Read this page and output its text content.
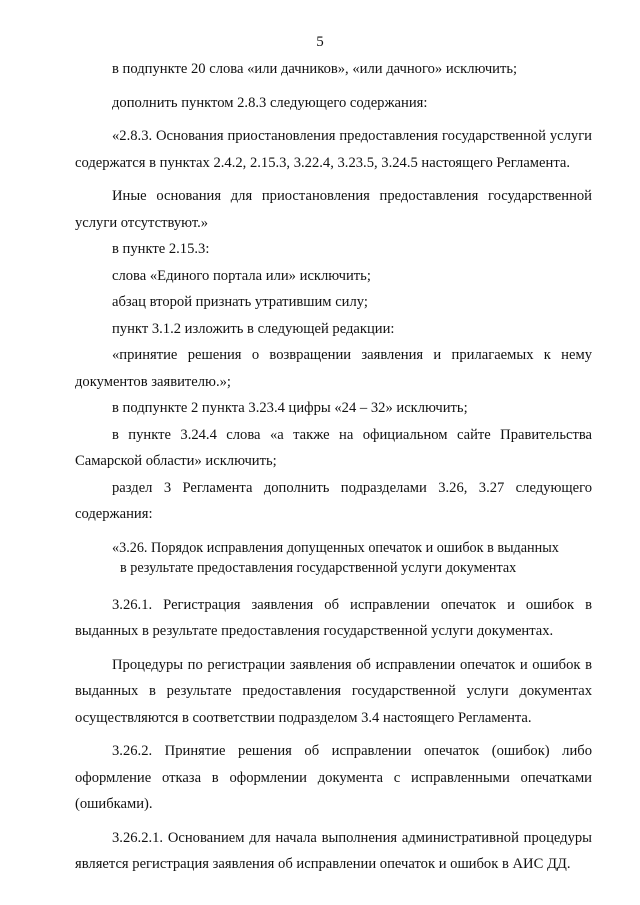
5

в подпункте 20 слова «или дачников», «или дачного» исключить;

дополнить пунктом 2.8.3 следующего содержания:

«2.8.3. Основания приостановления предоставления государственной услуги содержатся в пунктах 2.4.2, 2.15.3, 3.22.4, 3.23.5, 3.24.5 настоящего Регламента.

Иные основания для приостановления предоставления государственной услуги отсутствуют.»

в пункте 2.15.3:

слова «Единого портала или» исключить;

абзац второй признать утратившим силу;

пункт 3.1.2 изложить в следующей редакции:

«принятие решения о возвращении заявления и прилагаемых к нему документов заявителю.»;

в подпункте 2 пункта 3.23.4 цифры «24 – 32» исключить;

в пункте 3.24.4 слова «а также на официальном сайте Правительства Самарской области» исключить;

раздел 3 Регламента дополнить подразделами 3.26, 3.27 следующего содержания:

«3.26. Порядок исправления допущенных опечаток и ошибок в выданных
в результате предоставления государственной услуги документах

3.26.1. Регистрация заявления об исправлении опечаток и ошибок в выданных в результате предоставления государственной услуги документах.

Процедуры по регистрации заявления об исправлении опечаток и ошибок в выданных в результате предоставления государственной услуги документах осуществляются в соответствии подразделом 3.4 настоящего Регламента.

3.26.2. Принятие решения об исправлении опечаток (ошибок) либо оформление отказа в оформлении документа с исправленными опечатками (ошибками).

3.26.2.1. Основанием для начала выполнения административной процедуры является регистрация заявления об исправлении опечаток и ошибок в АИС ДД.
